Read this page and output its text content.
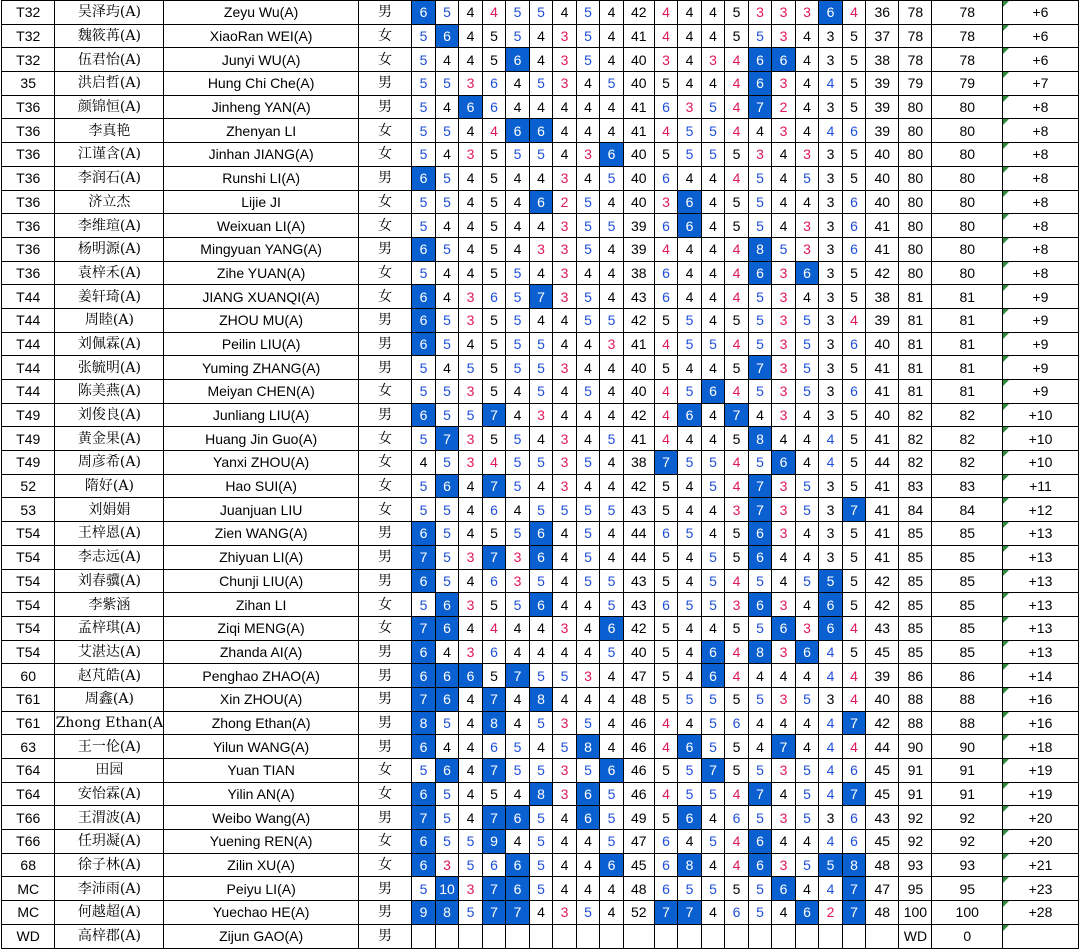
T32	吴泽玙(A)	Zeyu Wu(A)	男	6	5	4	4	5	5	4	5	4	42	4	4	4	5	3	3	3	6	4	36	78	78	+6

T32	魏筱苒(A)	XiaoRan WEI(A)	女	5	6	4	5	5	4	3	5	4	41	4	4	4	5	5	3	4	3	5	37	78	78	+6

T32	伍君怡(A)	Junyi WU(A)	女	5	4	4	5	6	4	3	5	4	40	3	4	3	4	6	6	4	3	5	38	78	78	+6

35	洪启哲(A)	Hung Chi Che(A)	男	5	5	3	6	4	5	3	4	5	40	5	4	4	4	6	3	4	4	5	39	79	79	+7

T36	颜锦恒(A)	Jinheng YAN(A)	男	5	4	6	6	4	4	4	4	4	41	6	3	5	4	7	2	4	3	5	39	80	80	+8

T36	李真艳	Zhenyan LI	女	5	5	4	4	6	6	4	4	4	41	4	5	5	4	4	3	4	4	6	39	80	80	+8

T36	江谨含(A)	Jinhan JIANG(A)	女	5	4	3	5	5	5	4	3	6	40	5	5	5	5	3	4	3	3	5	40	80	80	+8

T36	李润石(A)	Runshi LI(A)	男	6	5	4	5	4	4	3	4	5	40	6	4	4	4	5	4	5	3	5	40	80	80	+8

T36	济立杰	Lijie JI	女	5	5	4	5	4	6	2	5	4	40	3	6	4	5	5	4	4	3	6	40	80	80	+8

T36	李维瑄(A)	Weixuan LI(A)	女	5	4	4	5	4	4	3	5	5	39	6	6	4	5	5	4	3	3	6	41	80	80	+8

T36	杨明源(A)	Mingyuan YANG(A)	男	6	5	4	5	4	3	3	5	4	39	4	4	4	4	8	5	3	3	6	41	80	80	+8

T36	袁梓禾(A)	Zihe YUAN(A)	女	5	4	4	5	5	4	3	4	4	38	6	4	4	4	6	3	6	3	5	42	80	80	+8

T44	姜轩琦(A)	JIANG XUANQI(A)	女	6	4	3	6	5	7	3	5	4	43	6	4	4	4	5	3	4	3	5	38	81	81	+9

T44	周睦(A)	ZHOU MU(A)	男	6	5	3	5	5	4	4	5	5	42	5	5	4	5	5	3	5	3	4	39	81	81	+9

T44	刘佩霖(A)	Peilin LIU(A)	男	6	5	4	5	5	5	4	4	3	41	4	5	5	4	5	3	5	3	6	40	81	81	+9

T44	张毓明(A)	Yuming ZHANG(A)	男	5	4	5	5	5	5	3	4	4	40	5	4	4	5	7	3	5	3	5	41	81	81	+9

T44	陈美燕(A)	Meiyan CHEN(A)	女	5	5	3	5	4	5	4	5	4	40	4	5	6	4	5	3	5	3	6	41	81	81	+9

T49	刘俊良(A)	Junliang LIU(A)	男	6	5	5	7	4	3	4	4	4	42	4	6	4	7	4	3	4	3	5	40	82	82	+10

T49	黄金果(A)	Huang Jin Guo(A)	女	5	7	3	5	5	4	3	4	5	41	4	4	4	5	8	4	4	4	5	41	82	82	+10

T49	周彦希(A)	Yanxi ZHOU(A)	女	4	5	3	4	5	5	3	5	4	38	7	5	5	4	5	6	4	4	5	44	82	82	+10

52	隋好(A)	Hao SUI(A)	女	5	6	4	7	5	4	3	4	4	42	5	4	5	4	7	3	5	3	5	41	83	83	+11

53	刘娟娟	Juanjuan LIU	女	5	5	4	6	4	5	5	5	5	43	5	4	4	3	7	3	5	3	7	41	84	84	+12

T54	王梓恩(A)	Zien WANG(A)	男	6	5	4	5	5	6	4	5	4	44	6	5	4	5	6	3	4	3	5	41	85	85	+13

T54	李志远(A)	Zhiyuan LI(A)	男	7	5	3	7	3	6	4	5	4	44	5	4	5	5	6	4	4	3	5	41	85	85	+13

T54	刘春骥(A)	Chunji LIU(A)	男	6	5	4	6	3	5	4	5	5	43	5	4	5	4	5	4	5	5	5	42	85	85	+13

T54	李紫涵	Zihan LI	女	5	6	3	5	5	6	4	4	5	43	6	5	5	3	6	3	4	6	5	42	85	85	+13

T54	孟梓琪(A)	Ziqi MENG(A)	女	7	6	4	4	4	4	3	4	6	42	5	4	4	5	5	6	3	6	4	43	85	85	+13

T54	艾湛达(A)	Zhanda AI(A)	男	6	4	3	6	4	4	4	4	5	40	5	4	6	4	8	3	6	4	5	45	85	85	+13

60	赵芃皓(A)	Penghao ZHAO(A)	男	6	6	6	5	7	5	5	3	4	47	5	4	6	4	4	4	4	4	4	39	86	86	+14

T61	周鑫(A)	Xin ZHOU(A)	男	7	6	4	7	4	8	4	4	4	48	5	5	5	5	5	3	5	3	4	40	88	88	+16

T61	Zhong Ethan(A	Zhong Ethan(A)	男	8	5	4	8	4	5	3	5	4	46	4	4	5	6	4	4	4	4	7	42	88	88	+16

63	王一伦(A)	Yilun WANG(A)	男	6	4	4	6	5	4	5	8	4	46	4	6	5	5	4	7	4	4	4	44	90	90	+18

T64	田园	Yuan TIAN	女	5	6	4	7	5	5	3	5	6	46	5	5	7	5	5	3	5	4	6	45	91	91	+19

T64	安怡霖(A)	Yilin AN(A)	女	6	5	4	5	4	8	3	6	5	46	4	5	5	4	7	4	5	4	7	45	91	91	+19

T66	王渭波(A)	Weibo Wang(A)	男	7	5	4	7	6	5	4	6	5	49	5	6	4	6	5	3	5	3	6	43	92	92	+20

T66	任玥凝(A)	Yuening REN(A)	女	6	5	5	9	4	5	4	4	5	47	6	4	5	4	6	4	4	4	6	45	92	92	+20

68	徐子林(A)	Zilin XU(A)	女	6	3	5	6	6	5	4	4	6	45	6	8	4	4	6	3	5	5	8	48	93	93	+21

MC	李沛雨(A)	Peiyu LI(A)	男	5	10	3	7	6	5	4	4	4	48	6	5	5	5	5	6	4	4	7	47	95	95	+23

MC	何越超(A)	Yuechao HE(A)	男	9	8	5	7	7	4	3	5	4	52	7	7	4	6	5	4	6	2	7	48	100	100	+28

WD	高梓郡(A)	Zijun GAO(A)	男																					WD	0	
